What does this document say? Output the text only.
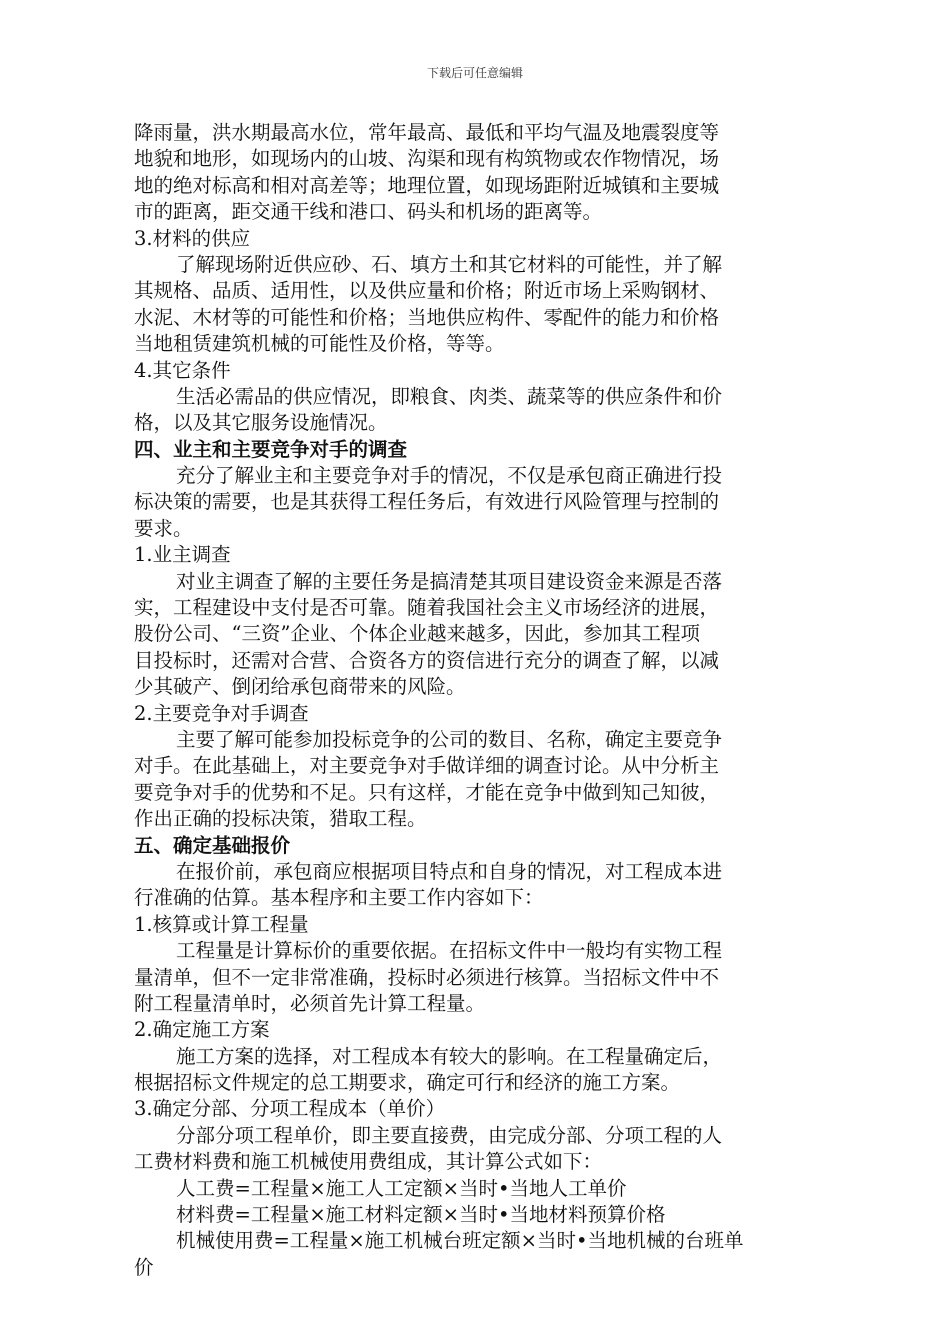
下载后可任意编辑
降雨量，洪水期最高水位，常年最高、最低和平均气温及地震裂度等
地貌和地形，如现场内的山坡、沟渠和现有构筑物或农作物情况，场
地的绝对标高和相对高差等；地理位置，如现场距附近城镇和主要城
市的距离，距交通干线和港口、码头和机场的距离等。
3.材料的供应
了解现场附近供应砂、石、填方土和其它材料的可能性，并了解
其规格、品质、适用性，以及供应量和价格；附近市场上采购钢材、
水泥、木材等的可能性和价格；当地供应构件、零配件的能力和价格
当地租赁建筑机械的可能性及价格，等等。
4.其它条件
生活必需品的供应情况，即粮食、肉类、蔬菜等的供应条件和价
格，以及其它服务设施情况。
四、业主和主要竞争对手的调查
充分了解业主和主要竞争对手的情况，不仅是承包商正确进行投
标决策的需要，也是其获得工程任务后，有效进行风险管理与控制的
要求。
1.业主调查
对业主调查了解的主要任务是搞清楚其项目建设资金来源是否落
实，工程建设中支付是否可靠。随着我国社会主义市场经济的进展，
股份公司、“三资”企业、个体企业越来越多，因此，参加其工程项
目投标时，还需对合营、合资各方的资信进行充分的调查了解，以减
少其破产、倒闭给承包商带来的风险。
2.主要竞争对手调查
主要了解可能参加投标竞争的公司的数目、名称，确定主要竞争
对手。在此基础上，对主要竞争对手做详细的调查讨论。从中分析主
要竞争对手的优势和不足。只有这样，才能在竞争中做到知己知彼，
作出正确的投标决策，猎取工程。
五、确定基础报价
在报价前，承包商应根据项目特点和自身的情况，对工程成本进
行准确的估算。基本程序和主要工作内容如下：
1.核算或计算工程量
工程量是计算标价的重要依据。在招标文件中一般均有实物工程
量清单，但不一定非常准确，投标时必须进行核算。当招标文件中不
附工程量清单时，必须首先计算工程量。
2.确定施工方案
施工方案的选择，对工程成本有较大的影响。在工程量确定后，
根据招标文件规定的总工期要求，确定可行和经济的施工方案。
3.确定分部、分项工程成本（单价）
分部分项工程单价，即主要直接费，由完成分部、分项工程的人
工费材料费和施工机械使用费组成，其计算公式如下：
人工费=工程量×施工人工定额×当时•当地人工单价
材料费=工程量×施工材料定额×当时•当地材料预算价格
机械使用费=工程量×施工机械台班定额×当时•当地机械的台班单
价
